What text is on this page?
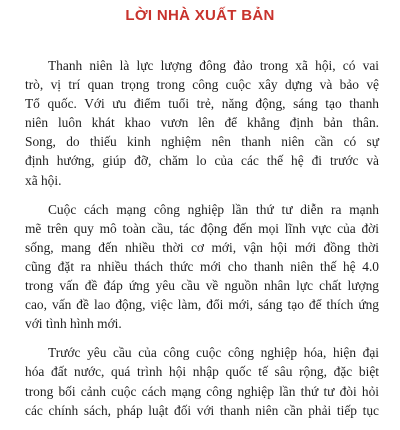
LỜI NHÀ XUẤT BẢN

Thanh niên là lực lượng đông đảo trong xã hội, có vai
trò, vị trí quan trọng trong công cuộc xây dựng và bảo vệ
Tổ quốc. Với ưu điểm tuổi trẻ, năng động, sáng tạo thanh
niên luôn khát khao vươn lên để khẳng định bản thân.
Song, do thiếu kinh nghiệm nên thanh niên cần có sự
định hướng, giúp đỡ, chăm lo của các thế hệ đi trước và
xã hội.

Cuộc cách mạng công nghiệp lần thứ tư diễn ra mạnh
mẽ trên quy mô toàn cầu, tác động đến mọi lĩnh vực của đời
sống, mang đến nhiều thời cơ mới, vận hội mới đồng thời
cũng đặt ra nhiều thách thức mới cho thanh niên thế hệ 4.0
trong vấn đề đáp ứng yêu cầu về nguồn nhân lực chất lượng
cao, vấn đề lao động, việc làm, đổi mới, sáng tạo để thích ứng
với tình hình mới.

Trước yêu cầu của công cuộc công nghiệp hóa, hiện đại
hóa đất nước, quá trình hội nhập quốc tế sâu rộng, đặc biệt
trong bối cảnh cuộc cách mạng công nghiệp lần thứ tư đòi hỏi
các chính sách, pháp luật đối với thanh niên cần phải tiếp tục
